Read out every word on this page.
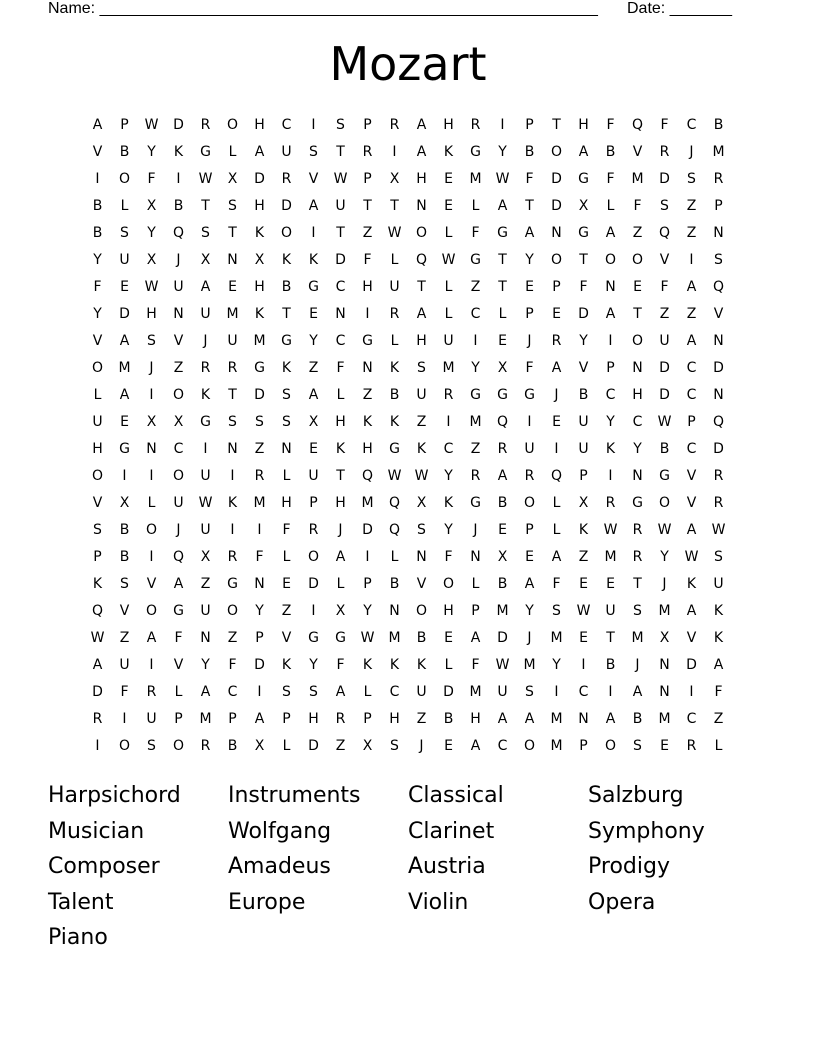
Name: ________________________________________________________ Date: _______
Mozart
A	P	W	D	R	O	H	C	I	S	P	R	A	H	R	I	P	T	H	F	Q	F	C	B
V	B	Y	K	G	L	A	U	S	T	R	I	A	K	G	Y	B	O	A	B	V	R	J	M
I	O	F	I	W	X	D	R	V	W	P	X	H	E	M	W	F	D	G	F	M	D	S	R
B	L	X	B	T	S	H	D	A	U	T	T	N	E	L	A	T	D	X	L	F	S	Z	P
B	S	Y	Q	S	T	K	O	I	T	Z	W	O	L	F	G	A	N	G	A	Z	Q	Z	N
Y	U	X	J	X	N	X	K	K	D	F	L	Q	W	G	T	Y	O	T	O	O	V	I	S
F	E	W	U	A	E	H	B	G	C	H	U	T	L	Z	T	E	P	F	N	E	F	A	Q
Y	D	H	N	U	M	K	T	E	N	I	R	A	L	C	L	P	E	D	A	T	Z	Z	V
V	A	S	V	J	U	M	G	Y	C	G	L	H	U	I	E	J	R	Y	I	O	U	A	N
O	M	J	Z	R	R	G	K	Z	F	N	K	S	M	Y	X	F	A	V	P	N	D	C	D
L	A	I	O	K	T	D	S	A	L	Z	B	U	R	G	G	G	J	B	C	H	D	C	N
U	E	X	X	G	S	S	S	X	H	K	K	Z	I	M	Q	I	E	U	Y	C	W	P	Q
H	G	N	C	I	N	Z	N	E	K	H	G	K	C	Z	R	U	I	U	K	Y	B	C	D
O	I	I	O	U	I	R	L	U	T	Q	W W	Y	R	A	R	Q	P	I	N	G	V	R
V	X	L	U	W	K	M	H	P	H	M	Q	X	K	G	B	O	L	X	R	G	O	V	R
S	B	O	J	U	I	I	F	R	J	D	Q	S	Y	J	E	P	L	K	W	R	W	A	W
P	B	I	Q	X	R	F	L	O	A	I	L	N	F	N	X	E	A	Z	M	R	Y	W	S
K	S	V	A	Z	G	N	E	D	L	P	B	V	O	L	B	A	F	E	E	T	J	K	U
Q	V	O	G	U	O	Y	Z	I	X	Y	N	O	H	P	M	Y	S	W	U	S	M	A	K
W	Z	A	F	N	Z	P	V	G	G	W	M	B	E	A	D	J	M	E	T	M	X	V	K
A	U	I	V	Y	F	D	K	Y	F	K	K	K	L	F	W	M	Y	I	B	J	N	D	A
D	F	R	L	A	C	I	S	S	A	L	C	U	D	M	U	S	I	C	I	A	N	I	F
R	I	U	P	M	P	A	P	H	R	P	H	Z	B	H	A	A	M	N	A	B	M	C	Z
I	O	S	O	R	B	X	L	D	Z	X	S	J	E	A	C	O	M	P	O	S	E	R	L
Harpsichord	Instruments	Classical	Salzburg
Musician	Wolfgang	Clarinet	Symphony
Composer	Amadeus	Austria	Prodigy
Talent	Europe	Violin	Opera
Piano
